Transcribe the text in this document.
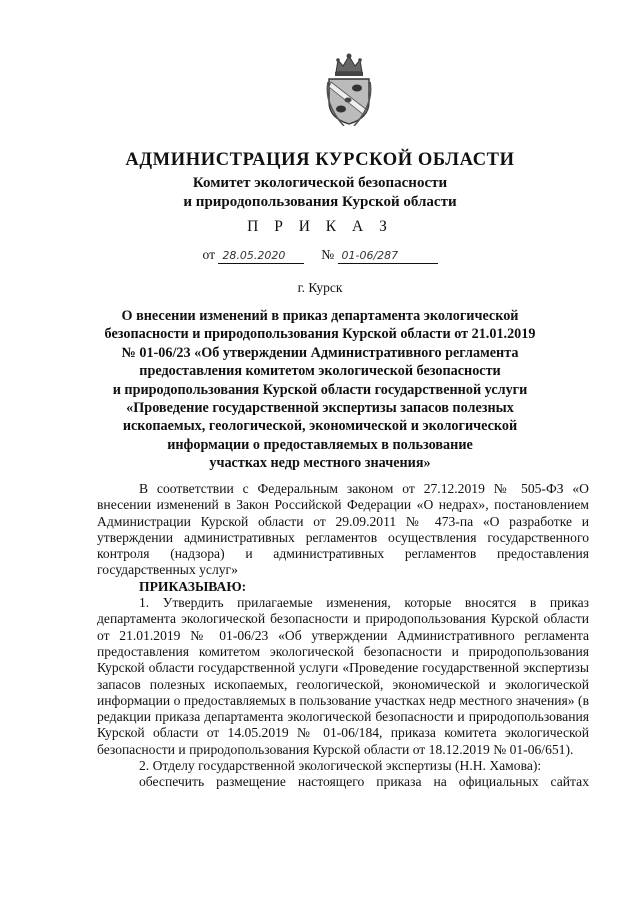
АДМИНИСТРАЦИЯ КУРСКОЙ ОБЛАСТИ
Комитет экологической безопасности
и природопользования Курской области
П Р И К А З
от 28.05.2020	№ 01-06/287
г. Курск
О внесении изменений в приказ департамента экологической
безопасности и природопользования Курской области от 21.01.2019
№ 01-06/23 «Об утверждении Административного регламента
предоставления комитетом экологической безопасности
и природопользования Курской области государственной услуги
«Проведение государственной экспертизы запасов полезных
ископаемых, геологической, экономической и экологической
информации о предоставляемых в пользование
участках недр местного значения»

В соответствии с Федеральным законом от 27.12.2019 № 505-ФЗ «О внесении изменений в Закон Российской Федерации «О недрах», постановлением Администрации Курской области от 29.09.2011 № 473-па «О разработке и утверждении административных регламентов осуществления государственного контроля (надзора) и административных регламентов предоставления государственных услуг»

ПРИКАЗЫВАЮ:

1. Утвердить прилагаемые изменения, которые вносятся в приказ департамента экологической безопасности и природопользования Курской области от 21.01.2019 № 01-06/23 «Об утверждении Административного регламента предоставления комитетом экологической безопасности и природопользования Курской области государственной услуги «Проведение государственной экспертизы запасов полезных ископаемых, геологической, экономической и экологической информации о предоставляемых в пользование участках недр местного значения» (в редакции приказа департамента экологической безопасности и природопользования Курской области от 14.05.2019 № 01-06/184, приказа комитета экологической безопасности и природопользования Курской области от 18.12.2019 № 01-06/651).

2. Отделу государственной экологической экспертизы (Н.Н. Хамова):

обеспечить размещение настоящего приказа на официальных сайтах
